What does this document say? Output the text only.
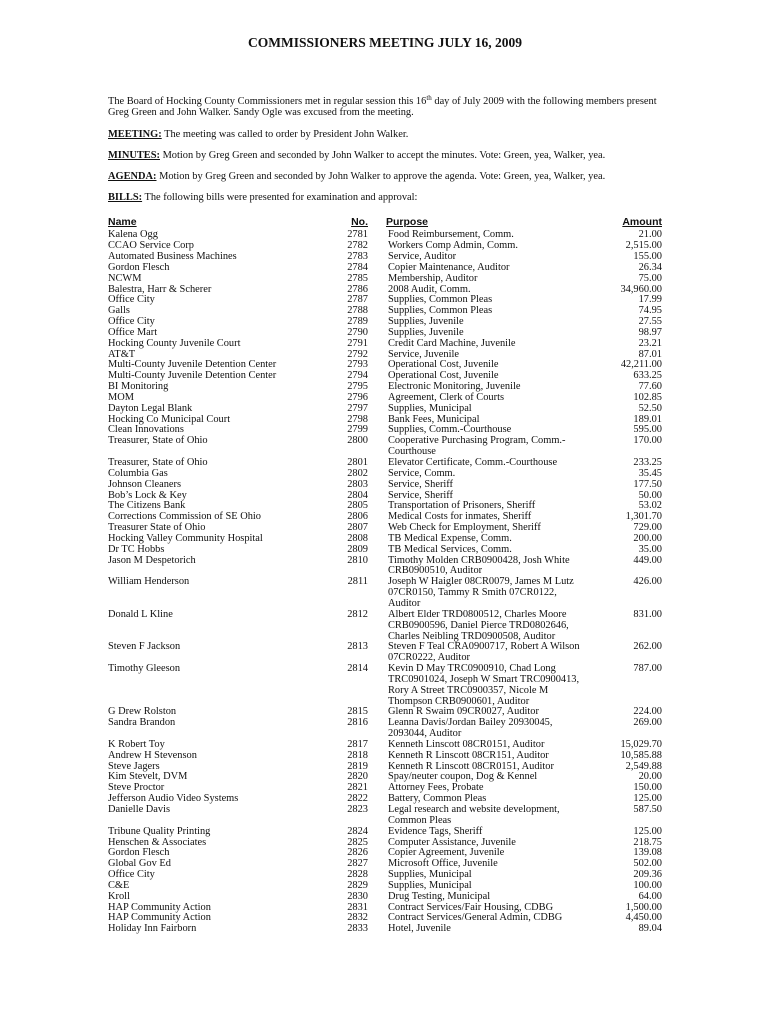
COMMISSIONERS MEETING JULY 16, 2009

The Board of Hocking County Commissioners met in regular session this 16th day of July 2009 with the following members present Greg Green and John Walker. Sandy Ogle was excused from the meeting.

MEETING: The meeting was called to order by President John Walker.

MINUTES: Motion by Greg Green and seconded by John Walker to accept the minutes. Vote: Green, yea, Walker, yea.

AGENDA: Motion by Greg Green and seconded by John Walker to approve the agenda. Vote: Green, yea, Walker, yea.

BILLS: The following bills were presented for examination and approval:

Name	No.	Purpose	Amount
Kalena Ogg	2781	Food Reimbursement, Comm.	21.00
CCAO Service Corp	2782	Workers Comp Admin, Comm.	2,515.00
Automated Business Machines	2783	Service, Auditor	155.00
Gordon Flesch	2784	Copier Maintenance, Auditor	26.34
NCWM	2785	Membership, Auditor	75.00
Balestra, Harr & Scherer	2786	2008 Audit, Comm.	34,960.00
Office City	2787	Supplies, Common Pleas	17.99
Galls	2788	Supplies, Common Pleas	74.95
Office City	2789	Supplies, Juvenile	27.55
Office Mart	2790	Supplies, Juvenile	98.97
Hocking County Juvenile Court	2791	Credit Card Machine, Juvenile	23.21
AT&T	2792	Service, Juvenile	87.01
Multi-County Juvenile Detention Center	2793	Operational Cost, Juvenile	42,211.00
Multi-County Juvenile Detention Center	2794	Operational Cost, Juvenile	633.25
BI Monitoring	2795	Electronic Monitoring, Juvenile	77.60
MOM	2796	Agreement, Clerk of Courts	102.85
Dayton Legal Blank	2797	Supplies, Municipal	52.50
Hocking Co Municipal Court	2798	Bank Fees, Municipal	189.01
Clean Innovations	2799	Supplies, Comm.-Courthouse	595.00
Treasurer, State of Ohio	2800	Cooperative Purchasing Program, Comm.-Courthouse	170.00
Treasurer, State of Ohio	2801	Elevator Certificate, Comm.-Courthouse	233.25
Columbia Gas	2802	Service, Comm.	35.45
Johnson Cleaners	2803	Service, Sheriff	177.50
Bob’s Lock & Key	2804	Service, Sheriff	50.00
The Citizens Bank	2805	Transportation of Prisoners, Sheriff	53.02
Corrections Commission of SE Ohio	2806	Medical Costs for inmates, Sheriff	1,301.70
Treasurer State of Ohio	2807	Web Check for Employment, Sheriff	729.00
Hocking Valley Community Hospital	2808	TB Medical Expense, Comm.	200.00
Dr TC Hobbs	2809	TB Medical Services, Comm.	35.00
Jason M Despetorich	2810	Timothy Molden CRB0900428, Josh White CRB0900510, Auditor	449.00
William Henderson	2811	Joseph W Haigler 08CR0079, James M Lutz 07CR0150, Tammy R Smith 07CR0122, Auditor	426.00
Donald L Kline	2812	Albert Elder TRD0800512, Charles Moore CRB0900596, Daniel Pierce TRD0802646, Charles Neibling TRD0900508, Auditor	831.00
Steven F Jackson	2813	Steven F Teal CRA0900717, Robert A Wilson 07CR0222, Auditor	262.00
Timothy Gleeson	2814	Kevin D May TRC0900910, Chad Long TRC0901024, Joseph W Smart TRC0900413, Rory A Street TRC0900357, Nicole M Thompson CRB0900601, Auditor	787.00
G Drew Rolston	2815	Glenn R Swaim 09CR0027, Auditor	224.00
Sandra Brandon	2816	Leanna Davis/Jordan Bailey 20930045, 2093044, Auditor	269.00
K Robert Toy	2817	Kenneth Linscott 08CR0151, Auditor	15,029.70
Andrew H Stevenson	2818	Kenneth R Linscott 08CR151, Auditor	10,585.88
Steve Jagers	2819	Kenneth R Linscott 08CR0151, Auditor	2,549.88
Kim Stevelt, DVM	2820	Spay/neuter coupon, Dog & Kennel	20.00
Steve Proctor	2821	Attorney Fees, Probate	150.00
Jefferson Audio Video Systems	2822	Battery, Common Pleas	125.00
Danielle Davis	2823	Legal research and website development, Common Pleas	587.50
Tribune Quality Printing	2824	Evidence Tags, Sheriff	125.00
Henschen & Associates	2825	Computer Assistance, Juvenile	218.75
Gordon Flesch	2826	Copier Agreement, Juvenile	139.08
Global Gov Ed	2827	Microsoft Office, Juvenile	502.00
Office City	2828	Supplies, Municipal	209.36
C&E	2829	Supplies, Municipal	100.00
Kroll	2830	Drug Testing, Municipal	64.00
HAP Community Action	2831	Contract Services/Fair Housing, CDBG	1,500.00
HAP Community Action	2832	Contract Services/General Admin, CDBG	4,450.00
Holiday Inn Fairborn	2833	Hotel, Juvenile	89.04
